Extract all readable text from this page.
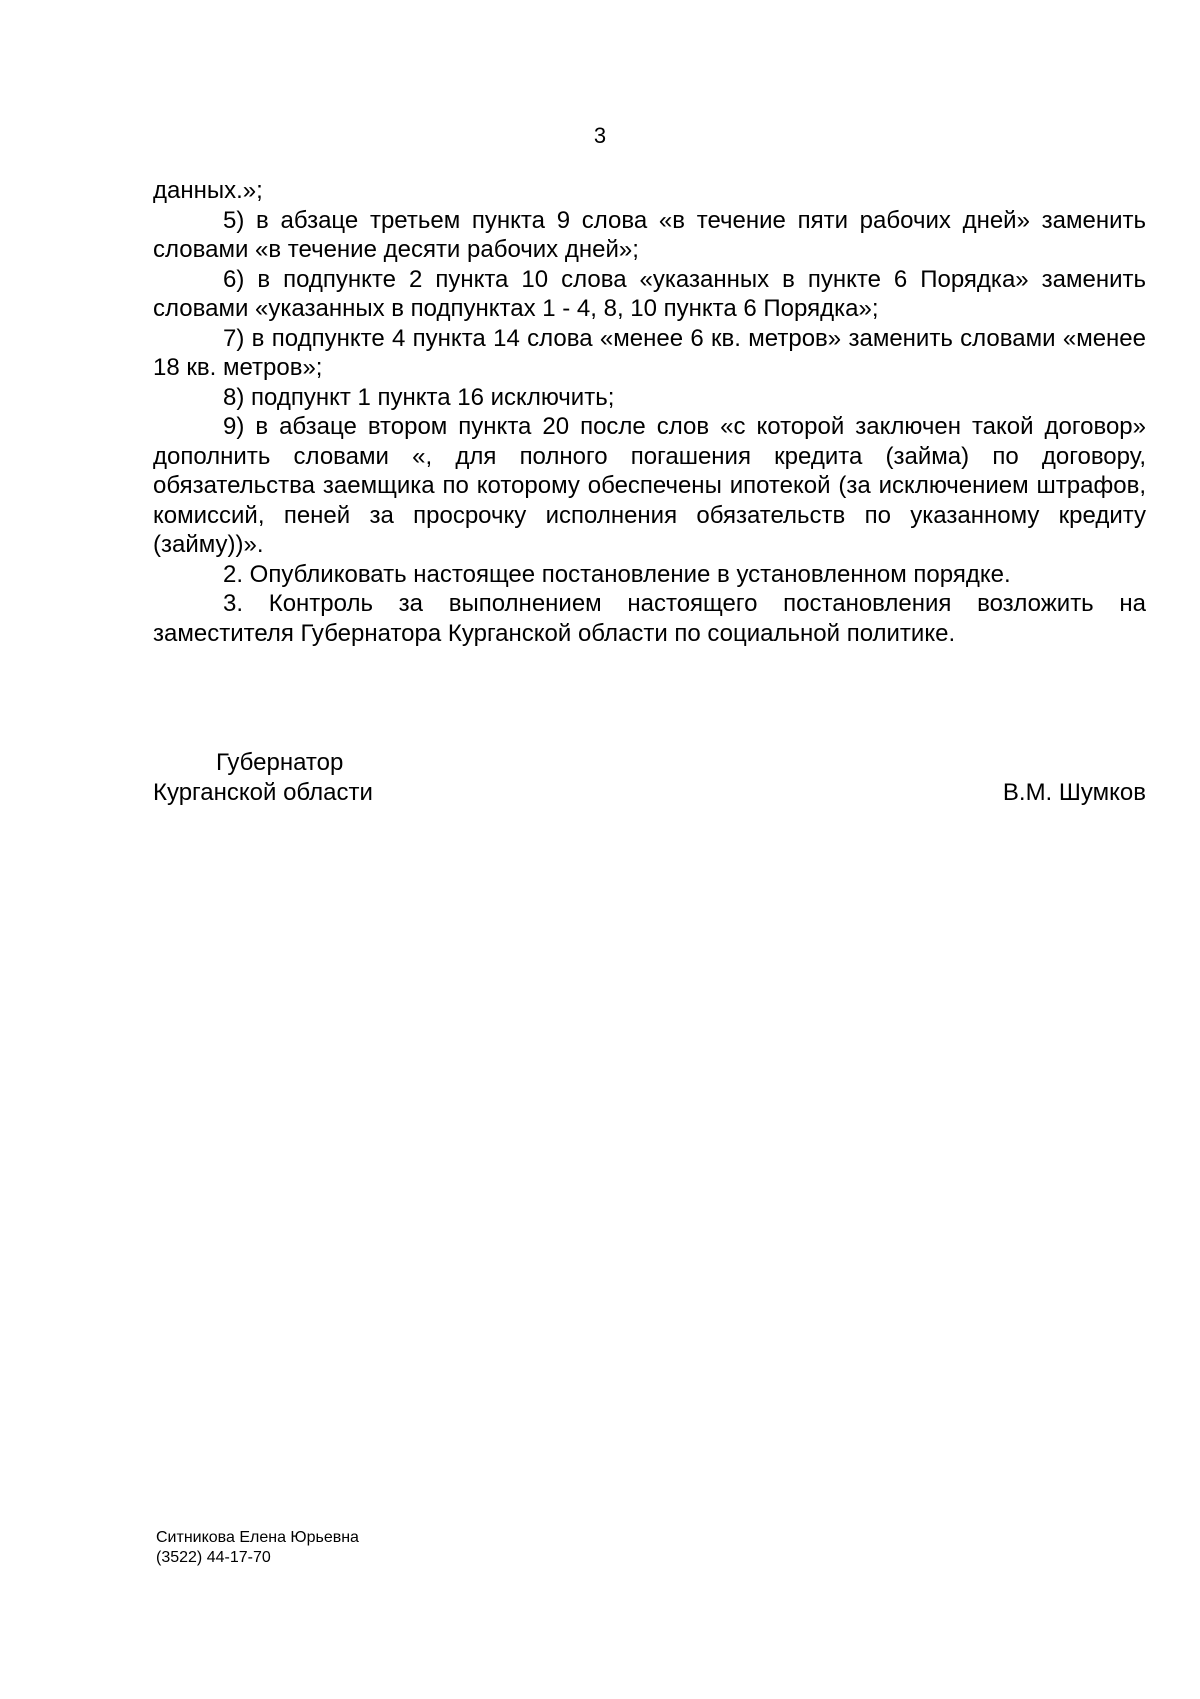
3

данных.»;

5) в абзаце третьем пункта 9 слова «в течение пяти рабочих дней» заменить словами «в течение десяти рабочих дней»;

6) в подпункте 2 пункта 10 слова «указанных в пункте 6 Порядка» заменить словами «указанных в подпунктах 1 - 4, 8, 10 пункта 6 Порядка»;

7) в подпункте 4 пункта 14 слова «менее 6 кв. метров» заменить словами «менее 18 кв. метров»;

8) подпункт 1 пункта 16 исключить;

9) в абзаце втором пункта 20 после слов «с которой заключен такой договор» дополнить словами «, для полного погашения кредита (займа) по договору, обязательства заемщика по которому обеспечены ипотекой (за исключением штрафов, комиссий, пеней за просрочку исполнения обязательств по указанному кредиту (займу))».

2. Опубликовать настоящее постановление в установленном порядке.

3. Контроль за выполнением настоящего постановления возложить на заместителя Губернатора Курганской области по социальной политике.

Губернатор
Курганской области	В.М. Шумков
Ситникова Елена Юрьевна
(3522) 44-17-70
